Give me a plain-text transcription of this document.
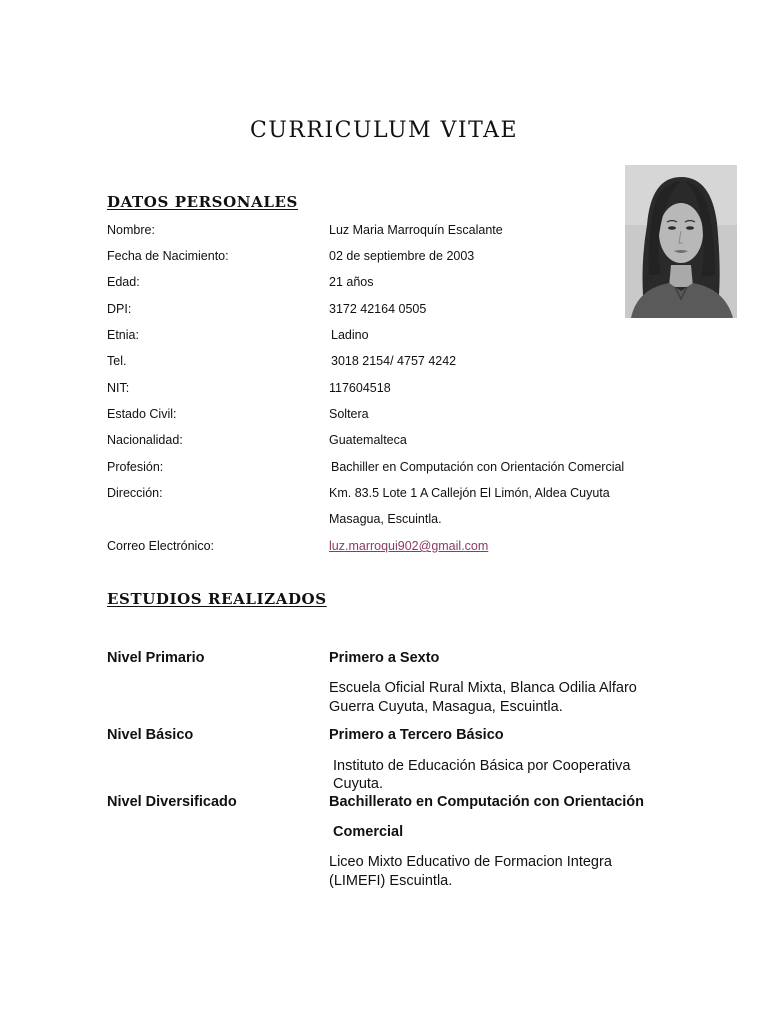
CURRICULUM VITAE
DATOS PERSONALES
Nombre:	Luz Maria Marroquín Escalante
Fecha de Nacimiento:	02 de septiembre de 2003
Edad:	21 años
DPI:	3172 42164 0505
Etnia:	Ladino
Tel.	3018 2154/ 4757 4242
NIT:	117604518
Estado Civil:	Soltera
Nacionalidad:	Guatemalteca
Profesión:	Bachiller en Computación con Orientación Comercial
Dirección:	Km. 83.5 Lote 1 A Callejón El Limón, Aldea Cuyuta
Masagua, Escuintla.
Correo Electrónico:	luz.marroqui902@gmail.com
ESTUDIOS REALIZADOS
Nivel Primario	Primero a Sexto
Escuela Oficial Rural Mixta, Blanca Odilia Alfaro
Guerra Cuyuta, Masagua, Escuintla.
Nivel Básico	Primero a Tercero Básico
Instituto de Educación Básica por Cooperativa
Cuyuta.
Nivel Diversificado	Bachillerato en Computación con Orientación
Comercial
Liceo Mixto Educativo de Formacion Integra
(LIMEFI) Escuintla.
